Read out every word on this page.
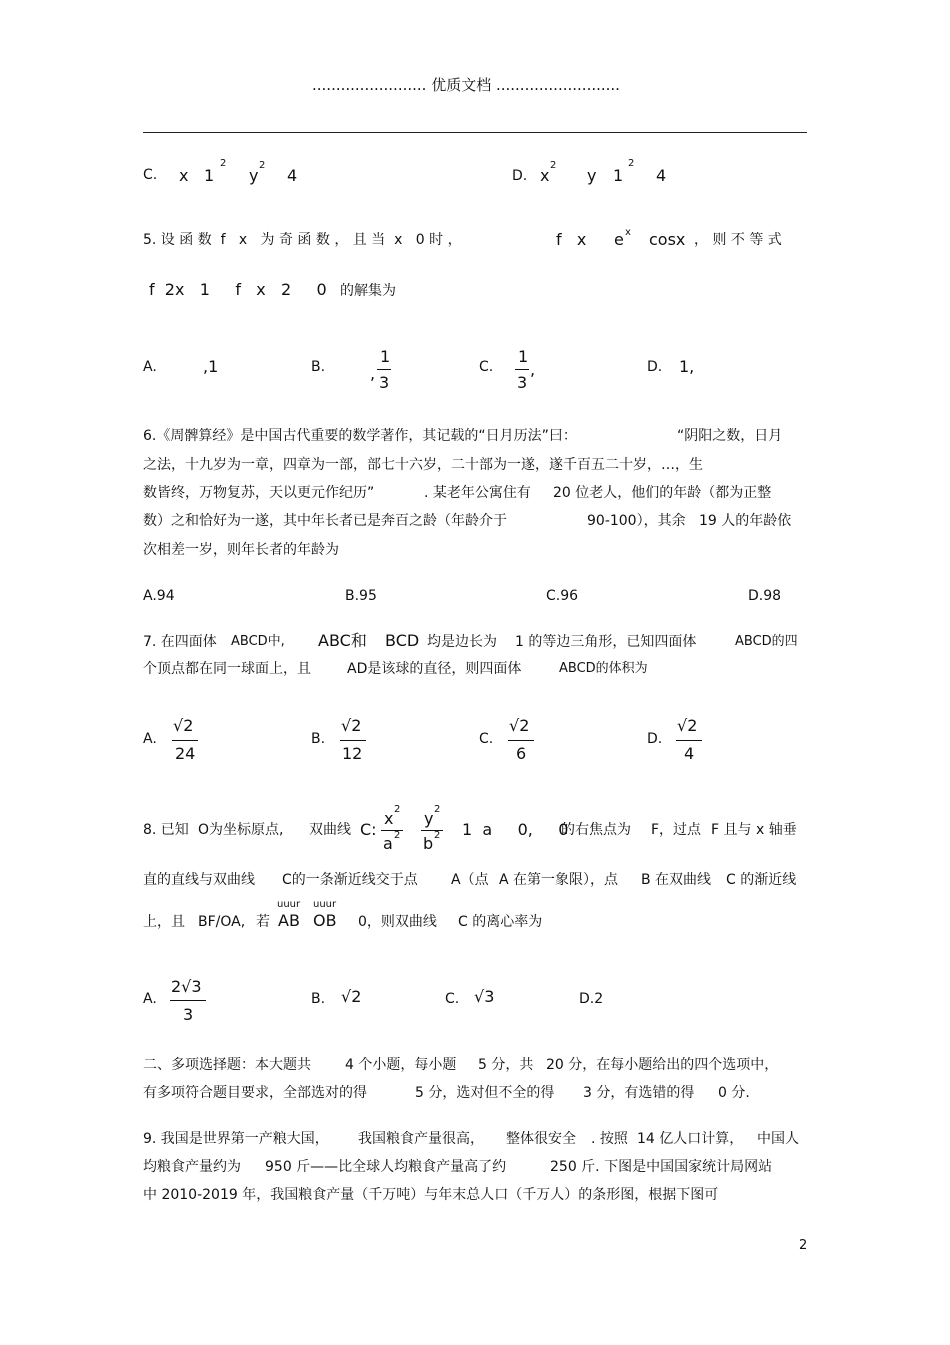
........................ 优质文档 ..........................
C. x 1
2
y
2
4	D. x
2
y 1
2
4
5. 设 函 数  f   x   为 奇 函 数 ， 且 当  x   0 时 ，	f   x e x cosx ， 则 不 等 式
f  2x   1     f   x   2     0 的解集为
A.	,1	B.	,
1
3
C.
1
3
,	D. 1,
6.《周髀算经》是中国古代重要的数学著作，其记载的“日月历法”曰：	“阴阳之数，日月
之法，十九岁为一章，四章为一部，部七十六岁，二十部为一遂，遂千百五二十岁，…，生
数皆终，万物复苏，天以更元作纪历”	. 某老年公寓住有 20 位老人，他们的年龄（都为正整
数）之和恰好为一遂，其中年长者已是奔百之龄（年龄介于	90-100），其余 19 人的年龄依
次相差一岁，则年长者的年龄为
A.94	B.95	C.96	D.98
7. 在四面体 ABCD中, ABC和 BCD 均是边长为 1 的等边三角形，已知四面体	ABCD的四
个顶点都在同一球面上，且	AD是该球的直径，则四面体	ABCD的体积为
A.
√2
24
B.
√2
12
C.
√2
6
D.
√2
4
8. 已知 O为坐标原点, 双曲线 C:
x 2
a 2
y 2
b 2 1  a     0,     0
的右焦点为 F，过点 F 且与 x 轴垂
直的直线与双曲线 C的一条渐近线交于点 A（点 A 在第一象限），点 B 在双曲线 C 的渐近线
上，且 BF/OA, 若
uuur
AB
uuur
OB 0，则双曲线 C 的离心率为
A.
2√3
3
B. √2	C. √3	D.2
二、多项选择题：本大题共 4 个小题，每小题 5 分，共 20 分，在每小题给出的四个选项中，
有多项符合题目要求，全部选对的得	5 分，选对但不全的得 3 分，有选错的得 0 分.
9. 我国是世界第一产粮大国， 我国粮食产量很高， 整体很安全 . 按照 14 亿人口计算， 中国人
均粮食产量约为 950 斤——比全球人均粮食产量高了约	250 斤. 下图是中国国家统计局网站
中 2010-2019 年，我国粮食产量（千万吨）与年末总人口（千万人）的条形图，根据下图可
2
